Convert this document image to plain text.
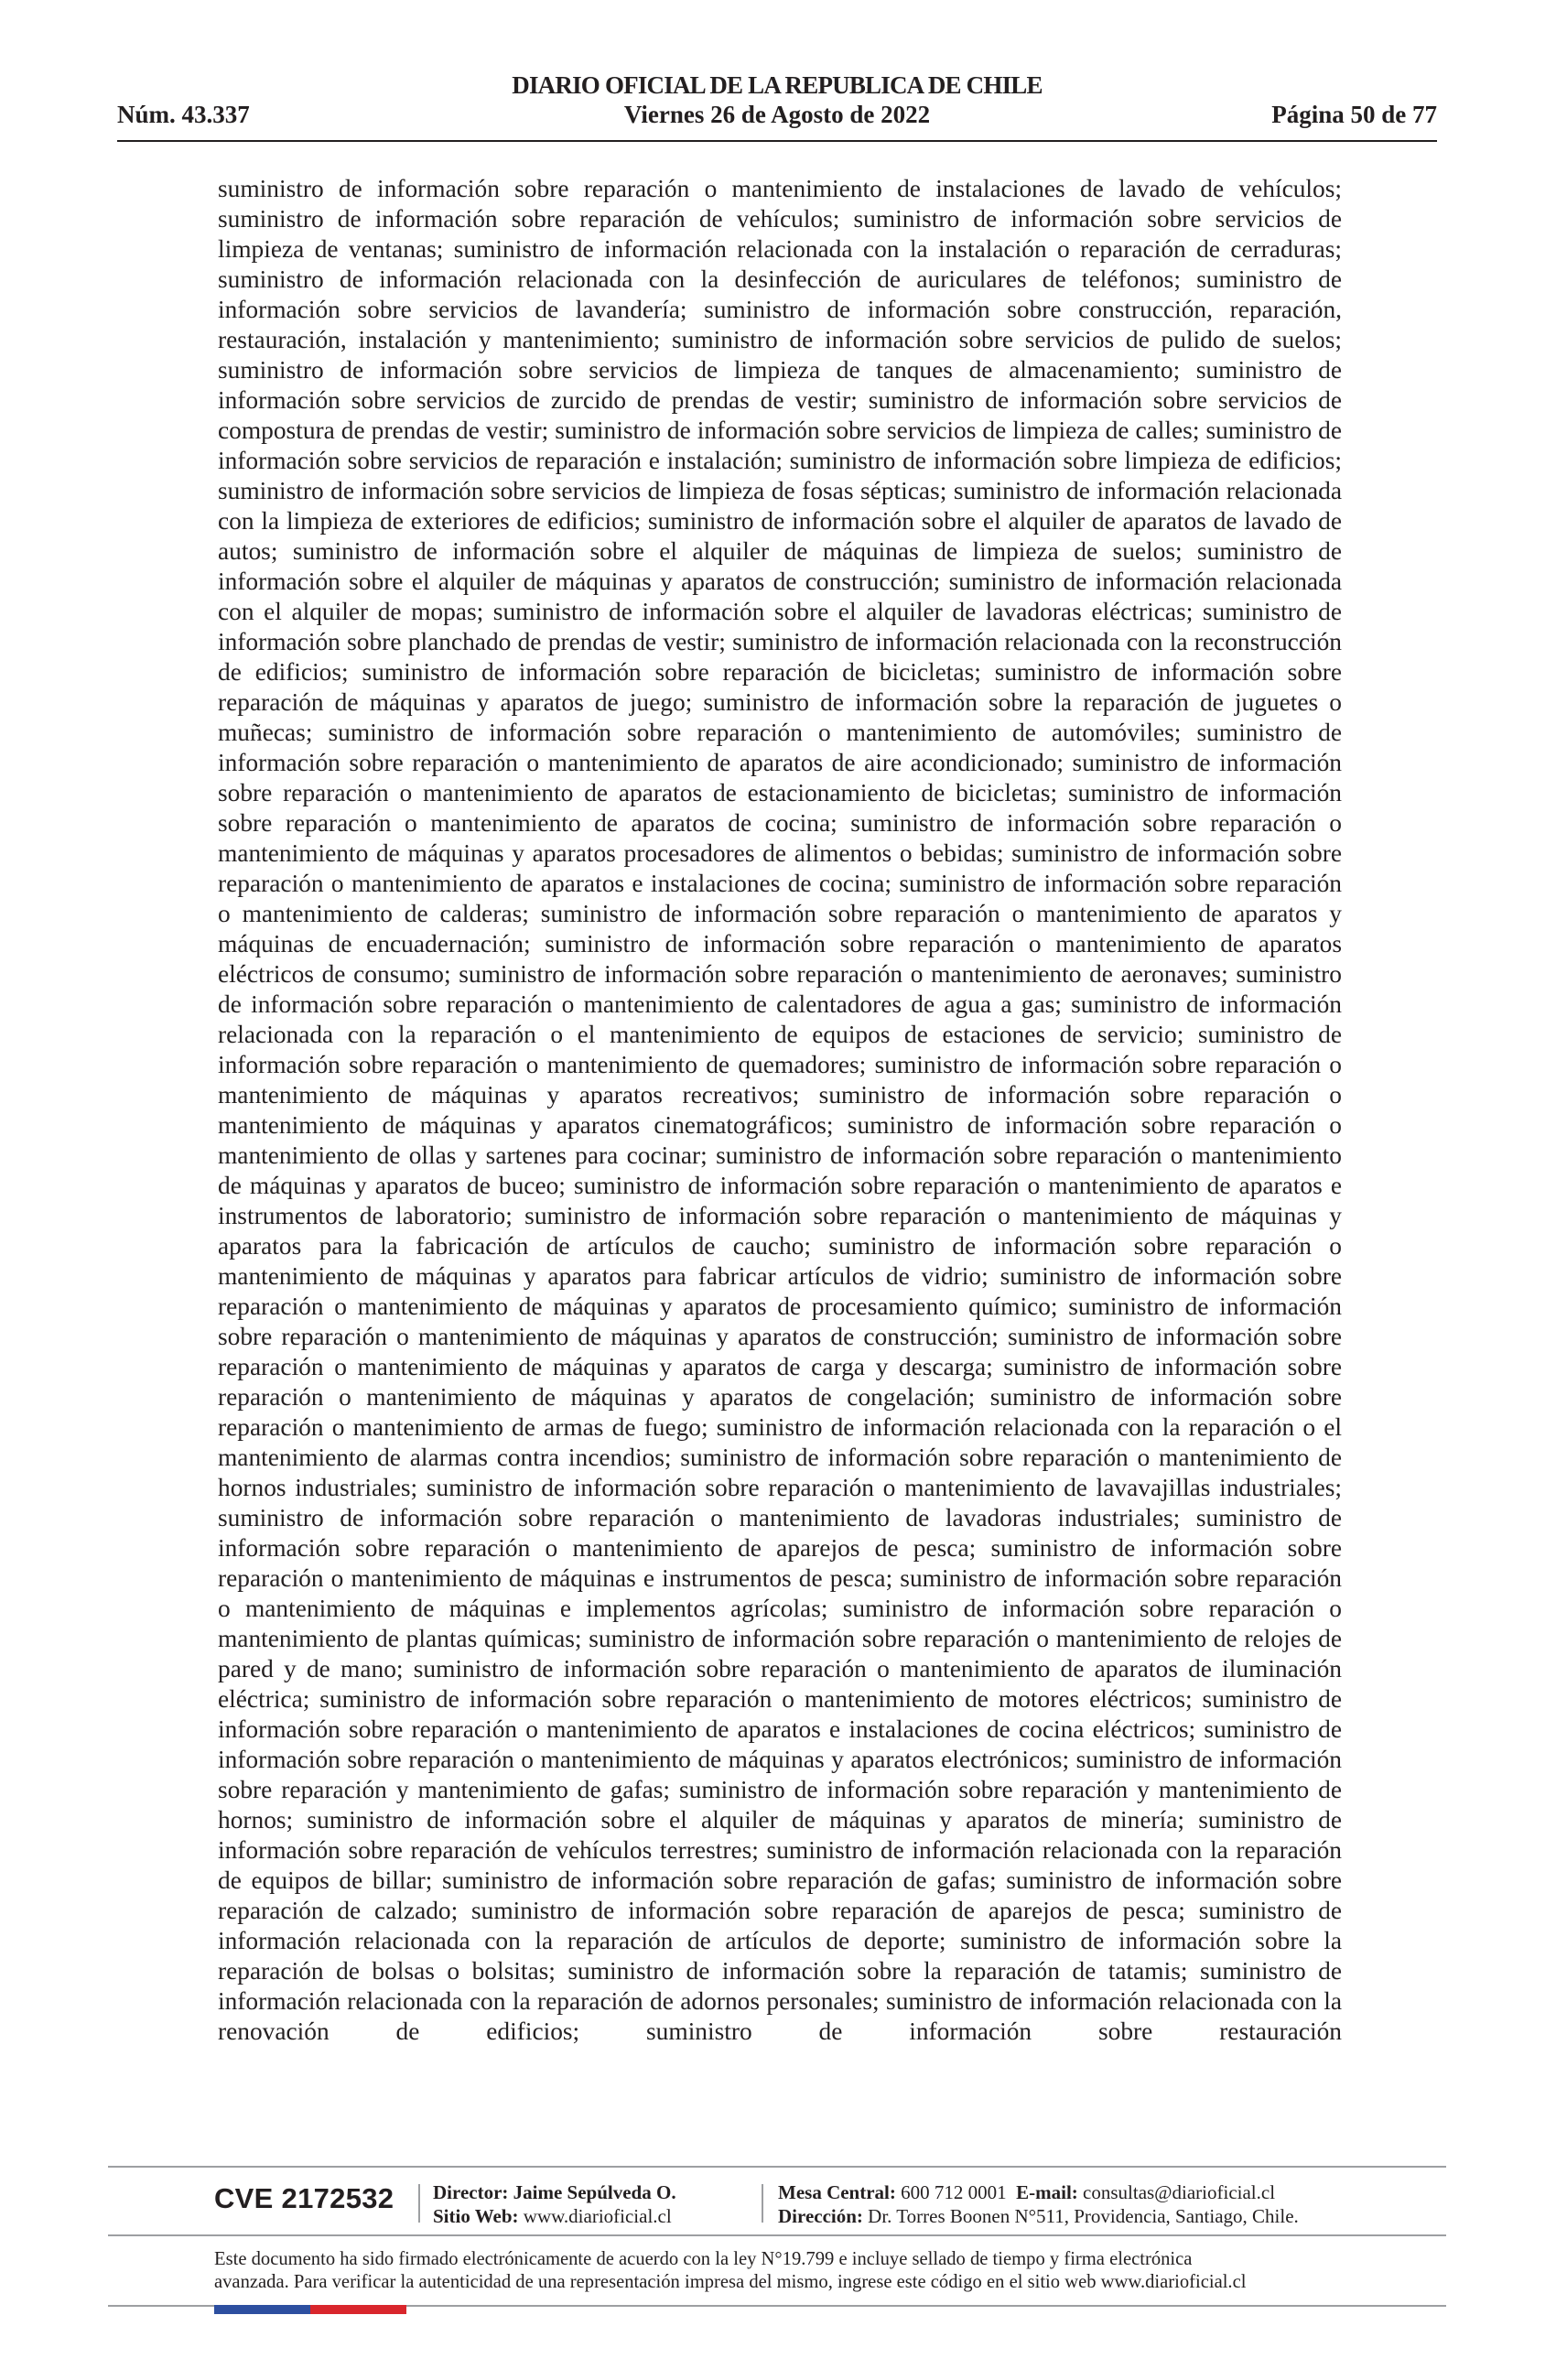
DIARIO OFICIAL DE LA REPUBLICA DE CHILE
Núm. 43.337	Viernes 26 de Agosto de 2022	Página 50 de 77

suministro de información sobre reparación o mantenimiento de instalaciones de lavado de vehículos; suministro de información sobre reparación de vehículos; suministro de información sobre servicios de limpieza de ventanas; suministro de información relacionada con la instalación o reparación de cerraduras; suministro de información relacionada con la desinfección de auriculares de teléfonos; suministro de información sobre servicios de lavandería; suministro de información sobre construcción, reparación, restauración, instalación y mantenimiento; suministro de información sobre servicios de pulido de suelos; suministro de información sobre servicios de limpieza de tanques de almacenamiento; suministro de información sobre servicios de zurcido de prendas de vestir; suministro de información sobre servicios de compostura de prendas de vestir; suministro de información sobre servicios de limpieza de calles; suministro de información sobre servicios de reparación e instalación; suministro de información sobre limpieza de edificios; suministro de información sobre servicios de limpieza de fosas sépticas; suministro de información relacionada con la limpieza de exteriores de edificios; suministro de información sobre el alquiler de aparatos de lavado de autos; suministro de información sobre el alquiler de máquinas de limpieza de suelos; suministro de información sobre el alquiler de máquinas y aparatos de construcción; suministro de información relacionada con el alquiler de mopas; suministro de información sobre el alquiler de lavadoras eléctricas; suministro de información sobre planchado de prendas de vestir; suministro de información relacionada con la reconstrucción de edificios; suministro de información sobre reparación de bicicletas; suministro de información sobre reparación de máquinas y aparatos de juego; suministro de información sobre la reparación de juguetes o muñecas; suministro de información sobre reparación o mantenimiento de automóviles; suministro de información sobre reparación o mantenimiento de aparatos de aire acondicionado; suministro de información sobre reparación o mantenimiento de aparatos de estacionamiento de bicicletas; suministro de información sobre reparación o mantenimiento de aparatos de cocina; suministro de información sobre reparación o mantenimiento de máquinas y aparatos procesadores de alimentos o bebidas; suministro de información sobre reparación o mantenimiento de aparatos e instalaciones de cocina; suministro de información sobre reparación o mantenimiento de calderas; suministro de información sobre reparación o mantenimiento de aparatos y máquinas de encuadernación; suministro de información sobre reparación o mantenimiento de aparatos eléctricos de consumo; suministro de información sobre reparación o mantenimiento de aeronaves; suministro de información sobre reparación o mantenimiento de calentadores de agua a gas; suministro de información relacionada con la reparación o el mantenimiento de equipos de estaciones de servicio; suministro de información sobre reparación o mantenimiento de quemadores; suministro de información sobre reparación o mantenimiento de máquinas y aparatos recreativos; suministro de información sobre reparación o mantenimiento de máquinas y aparatos cinematográficos; suministro de información sobre reparación o mantenimiento de ollas y sartenes para cocinar; suministro de información sobre reparación o mantenimiento de máquinas y aparatos de buceo; suministro de información sobre reparación o mantenimiento de aparatos e instrumentos de laboratorio; suministro de información sobre reparación o mantenimiento de máquinas y aparatos para la fabricación de artículos de caucho; suministro de información sobre reparación o mantenimiento de máquinas y aparatos para fabricar artículos de vidrio; suministro de información sobre reparación o mantenimiento de máquinas y aparatos de procesamiento químico; suministro de información sobre reparación o mantenimiento de máquinas y aparatos de construcción; suministro de información sobre reparación o mantenimiento de máquinas y aparatos de carga y descarga; suministro de información sobre reparación o mantenimiento de máquinas y aparatos de congelación; suministro de información sobre reparación o mantenimiento de armas de fuego; suministro de información relacionada con la reparación o el mantenimiento de alarmas contra incendios; suministro de información sobre reparación o mantenimiento de hornos industriales; suministro de información sobre reparación o mantenimiento de lavavajillas industriales; suministro de información sobre reparación o mantenimiento de lavadoras industriales; suministro de información sobre reparación o mantenimiento de aparejos de pesca; suministro de información sobre reparación o mantenimiento de máquinas e instrumentos de pesca; suministro de información sobre reparación o mantenimiento de máquinas e implementos agrícolas; suministro de información sobre reparación o mantenimiento de plantas químicas; suministro de información sobre reparación o mantenimiento de relojes de pared y de mano; suministro de información sobre reparación o mantenimiento de aparatos de iluminación eléctrica; suministro de información sobre reparación o mantenimiento de motores eléctricos; suministro de información sobre reparación o mantenimiento de aparatos e instalaciones de cocina eléctricos; suministro de información sobre reparación o mantenimiento de máquinas y aparatos electrónicos; suministro de información sobre reparación y mantenimiento de gafas; suministro de información sobre reparación y mantenimiento de hornos; suministro de información sobre el alquiler de máquinas y aparatos de minería; suministro de información sobre reparación de vehículos terrestres; suministro de información relacionada con la reparación de equipos de billar; suministro de información sobre reparación de gafas; suministro de información sobre reparación de calzado; suministro de información sobre reparación de aparejos de pesca; suministro de información relacionada con la reparación de artículos de deporte; suministro de información sobre la reparación de bolsas o bolsitas; suministro de información sobre la reparación de tatamis; suministro de información relacionada con la reparación de adornos personales; suministro de información relacionada con la renovación de edificios; suministro de información sobre restauración

CVE 2172532 Director: Jaime Sepúlveda O.
Sitio Web: www.diarioficial.cl
Mesa Central: 600 712 0001 E-mail: consultas@diarioficial.cl
Dirección: Dr. Torres Boonen N°511, Providencia, Santiago, Chile.
Este documento ha sido firmado electrónicamente de acuerdo con la ley N°19.799 e incluye sellado de tiempo y firma electrónica
avanzada. Para verificar la autenticidad de una representación impresa del mismo, ingrese este código en el sitio web www.diarioficial.cl
